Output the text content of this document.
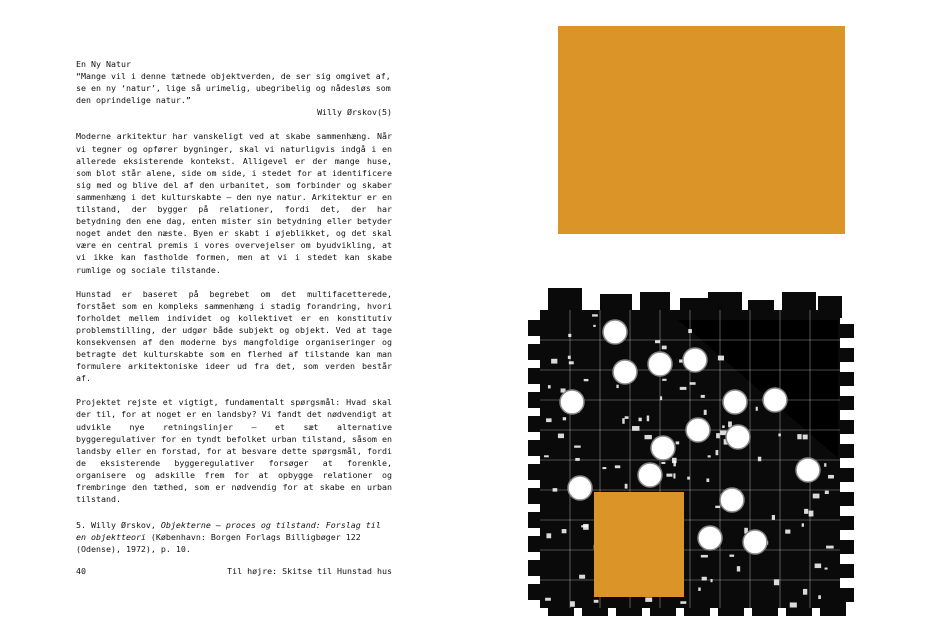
En Ny Natur

“Mange vil i denne tætnede objektverden, de ser sig omgivet af, se en ny ‘natur’, lige så urimelig, ubegribelig og nådesløs som den oprindelige natur.”

Willy Ørskov(5)

Moderne arkitektur har vanskeligt ved at skabe sammenhæng. Når vi tegner og opfører bygninger, skal vi naturligvis indgå i en allerede eksisterende kontekst. Alligevel er der mange huse, som blot står alene, side om side, i stedet for at identificere sig med og blive del af den urbanitet, som forbinder og skaber sammenhæng i det kulturskabte — den nye natur. Arkitektur er en tilstand, der bygger på relationer, fordi det, der har betydning den ene dag, enten mister sin betydning eller betyder noget andet den næste. Byen er skabt i øjeblikket, og det skal være en central premis i vores overvejelser om byudvikling, at vi ikke kan fastholde formen, men at vi i stedet kan skabe rumlige og sociale tilstande.

Hunstad er baseret på begrebet om det multifacetterede, forstået som en kompleks sammenhæng i stadig forandring, hvori forholdet mellem individet og kollektivet er en konstitutiv problemstilling, der udgør både subjekt og objekt. Ved at tage konsekvensen af den moderne bys mangfoldige organiseringer og betragte det kulturskabte som en flerhed af tilstande kan man formulere arkitektoniske ideer ud fra det, som verden består af.

Projektet rejste et vigtigt, fundamentalt spørgsmål: Hvad skal der til, for at noget er en landsby? Vi fandt det nødvendigt at udvikle nye retningslinjer — et sæt alternative byggeregulativer for en tyndt befolket urban tilstand, såsom en landsby eller en forstad, for at besvare dette spørgsmål, fordi de eksisterende byggeregulativer forsøger at forenkle, organisere og adskille frem for at opbygge relationer og frembringe den tæthed, som er nødvendig for at skabe en urban tilstand.

5. Willy Ørskov, Objekterne — proces og tilstand: Forslag til en objektteori (København: Borgen Forlags Billigbøger 122 (Odense), 1972), p. 10.

40	Til højre: Skitse til Hunstad hus
